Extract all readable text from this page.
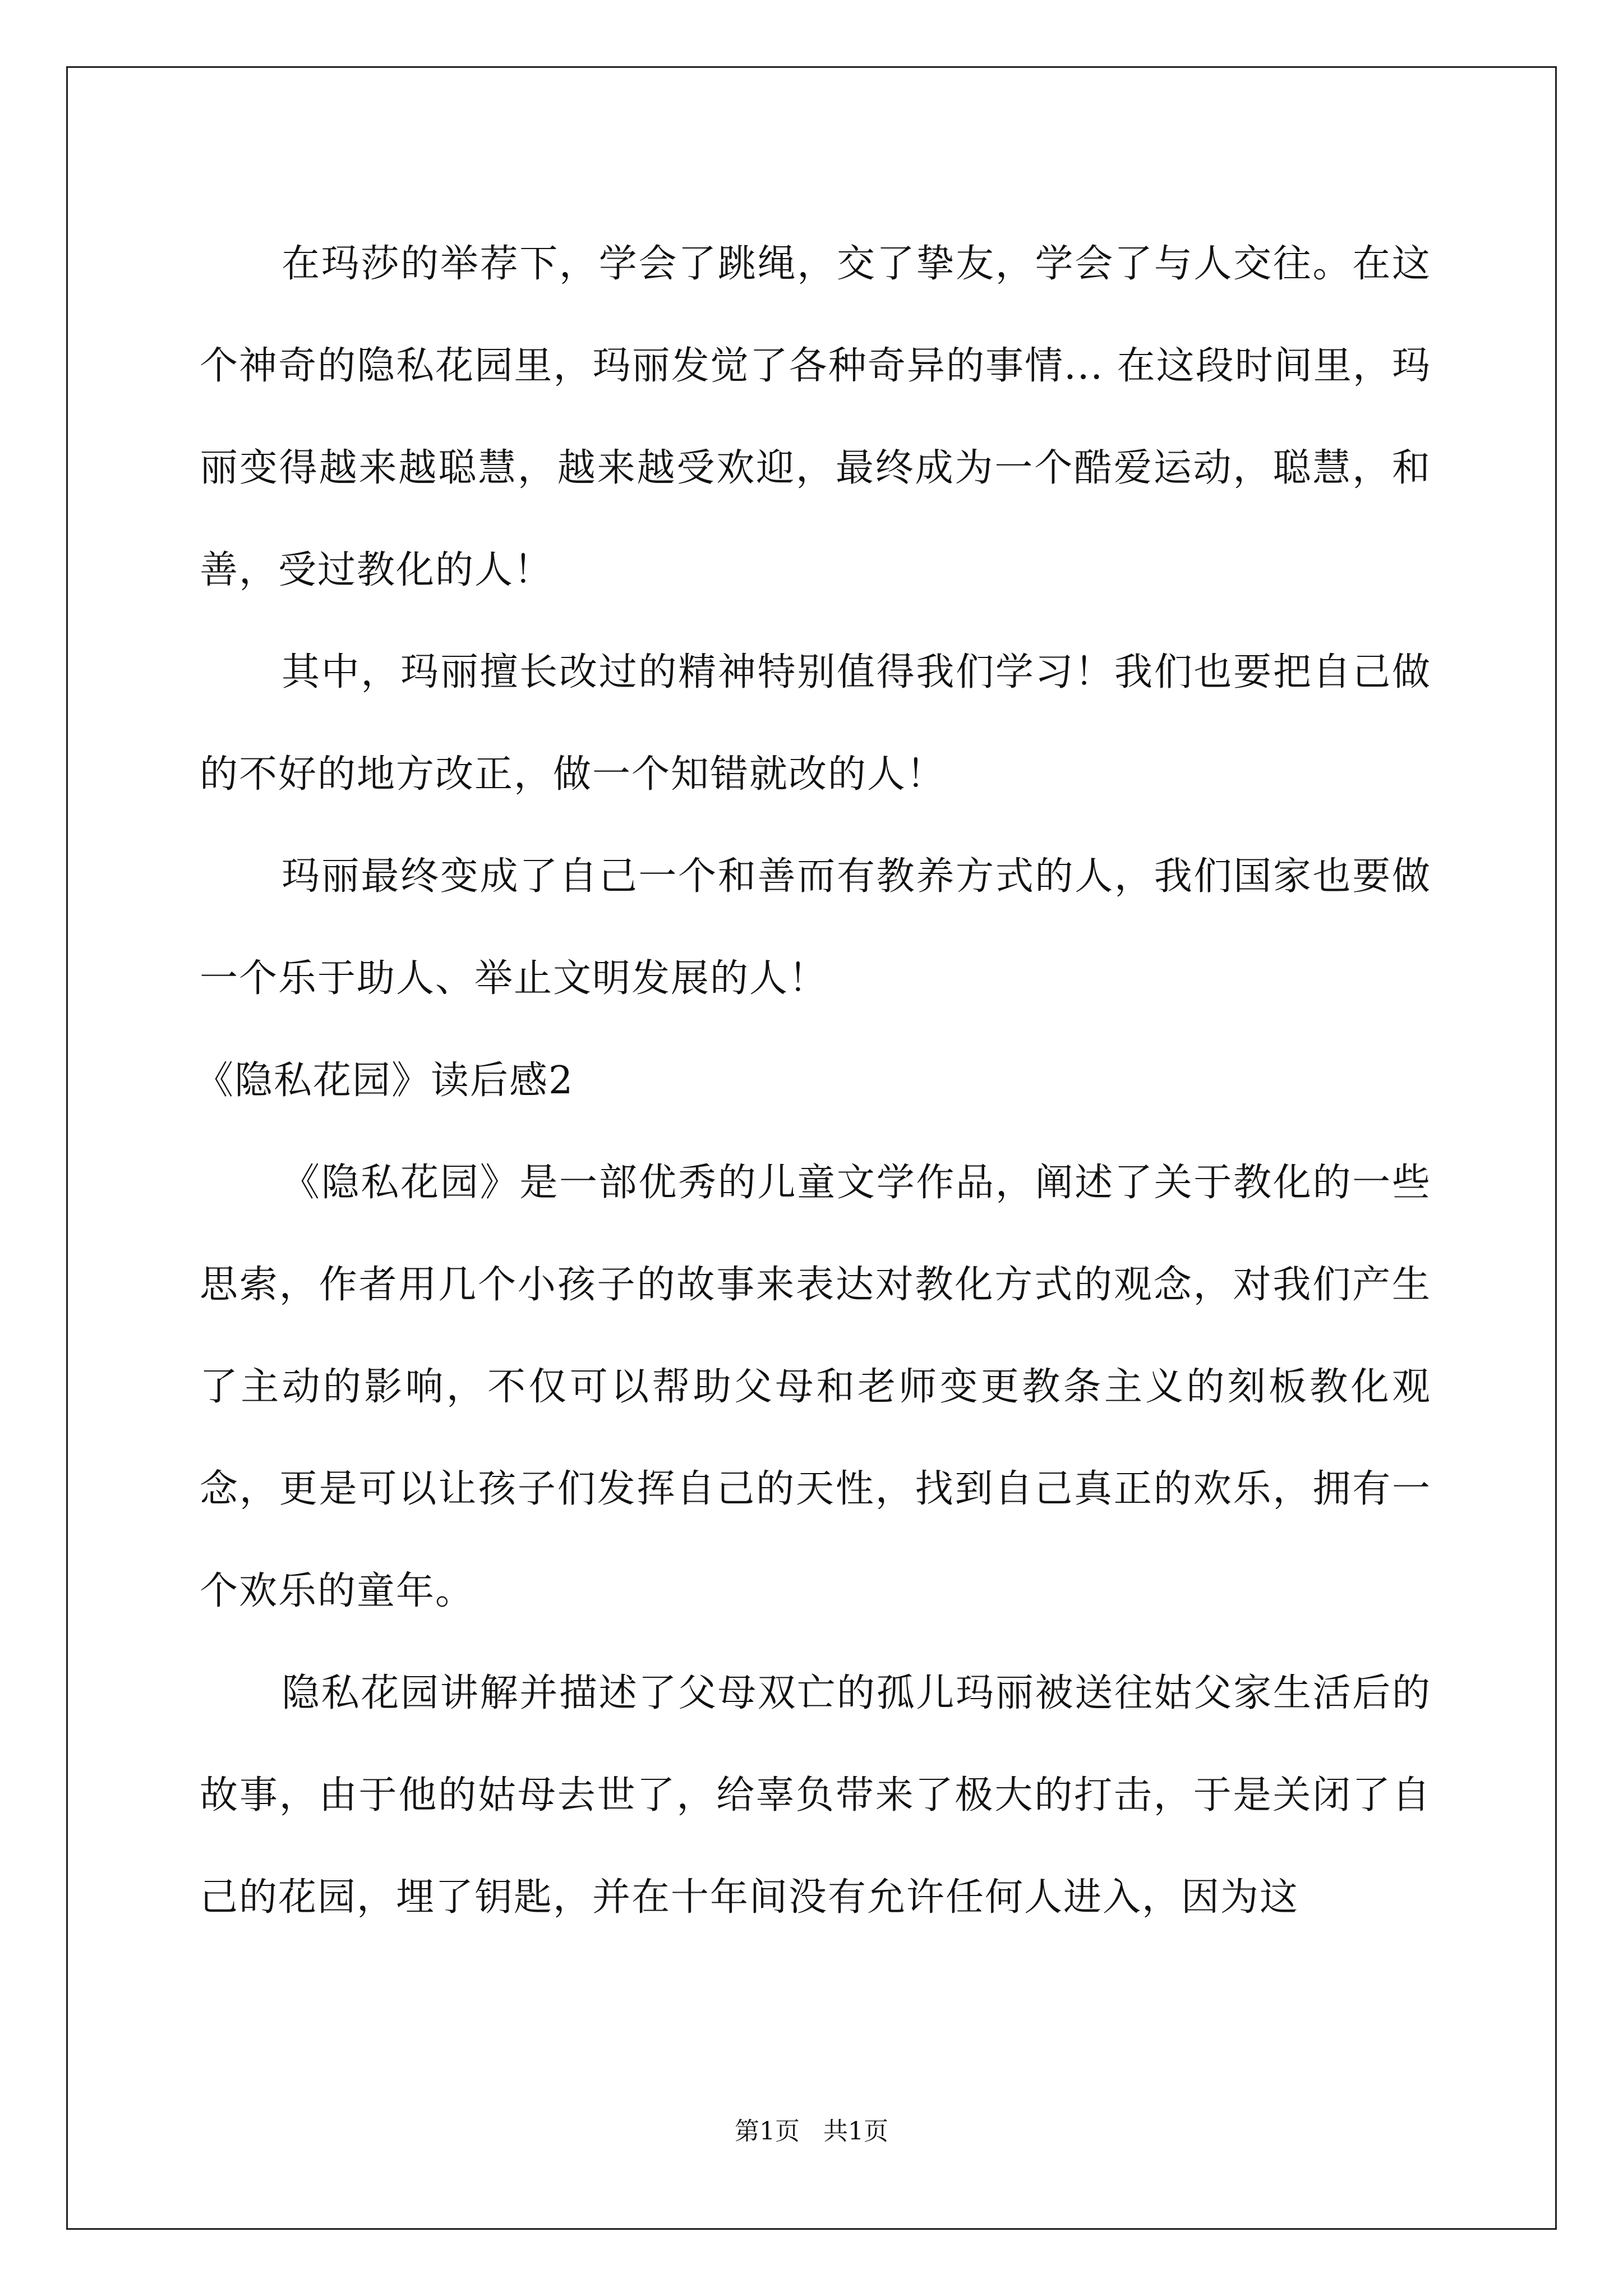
在玛莎的举荐下，学会了跳绳，交了挚友，学会了与人交往。在这个神奇的隐私花园里，玛丽发觉了各种奇异的事情... 在这段时间里，玛丽变得越来越聪慧，越来越受欢迎，最终成为一个酷爱运动，聪慧，和善，受过教化的人！

其中，玛丽擅长改过的精神特别值得我们学习！我们也要把自己做的不好的地方改正，做一个知错就改的人！

玛丽最终变成了自己一个和善而有教养方式的人，我们国家也要做一个乐于助人、举止文明发展的人！

《隐私花园》读后感2

《隐私花园》是一部优秀的儿童文学作品，阐述了关于教化的一些思索，作者用几个小孩子的故事来表达对教化方式的观念，对我们产生了主动的影响，不仅可以帮助父母和老师变更教条主义的刻板教化观念，更是可以让孩子们发挥自己的天性，找到自己真正的欢乐，拥有一个欢乐的童年。

隐私花园讲解并描述了父母双亡的孤儿玛丽被送往姑父家生活后的故事，由于他的姑母去世了，给辜负带来了极大的打击，于是关闭了自己的花园，埋了钥匙，并在十年间没有允许任何人进入，因为这

第1页 共1页
